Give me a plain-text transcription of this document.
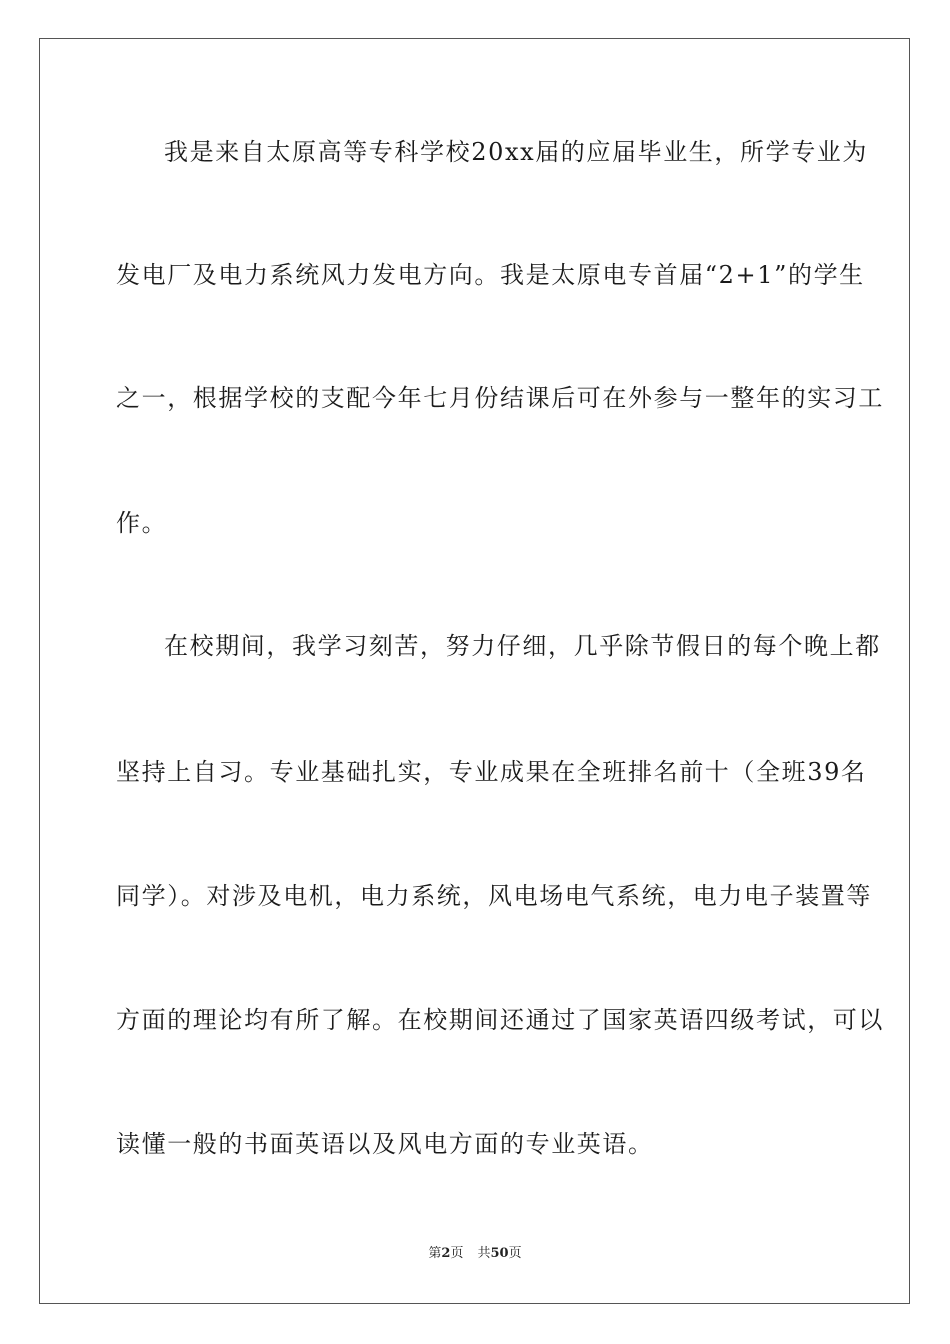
我是来自太原高等专科学校20xx届的应届毕业生，所学专业为
发电厂及电力系统风力发电方向。我是太原电专首届“2+1”的学生
之一，根据学校的支配今年七月份结课后可在外参与一整年的实习工
作。
在校期间，我学习刻苦，努力仔细，几乎除节假日的每个晚上都
坚持上自习。专业基础扎实，专业成果在全班排名前十（全班39名
同学）。对涉及电机，电力系统，风电场电气系统，电力电子装置等
方面的理论均有所了解。在校期间还通过了国家英语四级考试，可以
读懂一般的书面英语以及风电方面的专业英语。
第2页 共50页
